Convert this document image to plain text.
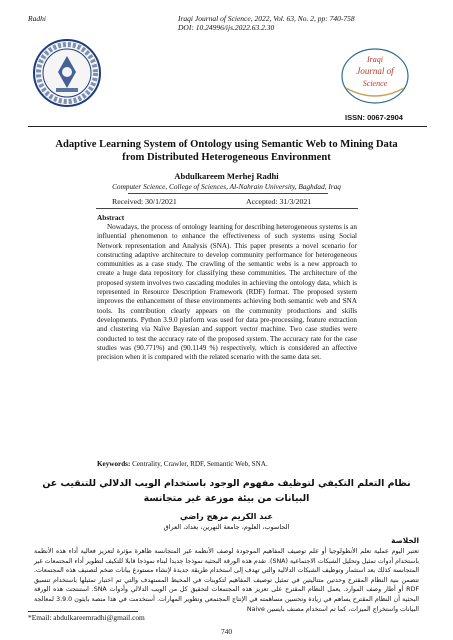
Radhi	Iraqi Journal of Science, 2022, Vol. 63, No. 2, pp: 740-758
DOI: 10.24996/ijs.2022.63.2.30
Iraqi
Journal of
Science
ISSN: 0067-2904
Adaptive Learning System of Ontology using Semantic Web to Mining Data
from Distributed Heterogeneous Environment
Abdulkareem Merhej Radhi
Computer Science, College of Sciences, Al-Nahrain University, Baghdad, Iraq
Received: 30/1/2021	Accepted: 31/3/2021
Abstract

Nowadays, the process of ontology learning for describing heterogeneous systems is an influential phenomenon to enhance the effectiveness of such systems using Social Network representation and Analysis (SNA). This paper presents a novel scenario for constructing adaptive architecture to develop community performance for heterogeneous communities as a case study. The crawling of the semantic webs is a new approach to create a huge data repository for classifying these communities. The architecture of the proposed system involves two cascading modules in achieving the ontology data, which is represented in Resource Description Framework (RDF) format. The proposed system improves the enhancement of these environments achieving both semantic web and SNA tools. Its contribution clearly appears on the community productions and skills developments. Python 3.9.0 platform was used for data pre-processing, feature extraction and clustering via Naïve Bayesian and support vector machine. Two case studies were conducted to test the accuracy rate of the proposed system. The accuracy rate for the case studies was (90.771%) and (90.1149 %) respectively, which is considered an affective precision when it is compared with the related scenario with the same data set.

Keywords: Centrality, Crawler, RDF, Semantic Web, SNA.
نظام التعلم التكيفي لتوظيف مفهوم الوجود باستخدام الويب الدلالي للتنقيب عن البيانات من بيئة موزعة غير متجانسة
عبد الكريم مرهج راضي
الحاسوب، العلوم، جامعة النهرين، بغداد، العراق
الخلاصة
تعتبر اليوم عملية تعلم الأنطولوجيا أو علم توصيف المفاهيم الموجودة لوصف الأنظمة غير المتجانسة ظاهرة مؤثرة لتعزيز فعالية أداء هذه الأنظمة باستخدام أدوات تمثيل وتحليل الشبكات الاجتماعية (SNA). تقدم هذه الورقة البحثية نموذجا جديدا لبناء نموذجا قابلا للتكيف لتطوير أداء المجتمعات غير المتجانسة كذلك بعد استثمار وتوظيف الشبكات الدلالية والتي تهدف إلى استخدام طريقة جديدة لإنشاء مستودع بيانات ضخم لتصنيف هذه المجتمعات. تتضمن بنية النظام المقترح وحدتين متتاليتين في تمثيل توصيف المفاهيم لتكوينات في المحيط المستهدف والتي تم اختبار تمثيلها باستخدام تنسيق RDF أو أطار وصف الموارد. يعمل النظام المقترح على تعزيز هذه المجتمعات لتحقيق كل من الويب الدلالي وأدوات SNA. استنتجت هذه الورقة البحثية أن النظام المقترح يساهم في زيادة وتحسين مساهمته في الإنتاج المجتمعي وتطوير المهارات. أستخدمت في هذا منصة بايثون 3.9.0 لمعالجة البيانات واستخراج الميزات، كما تم استخدام مصنف بايسين Naive
*Email: abdulkareemradhi@gmail.com
740
